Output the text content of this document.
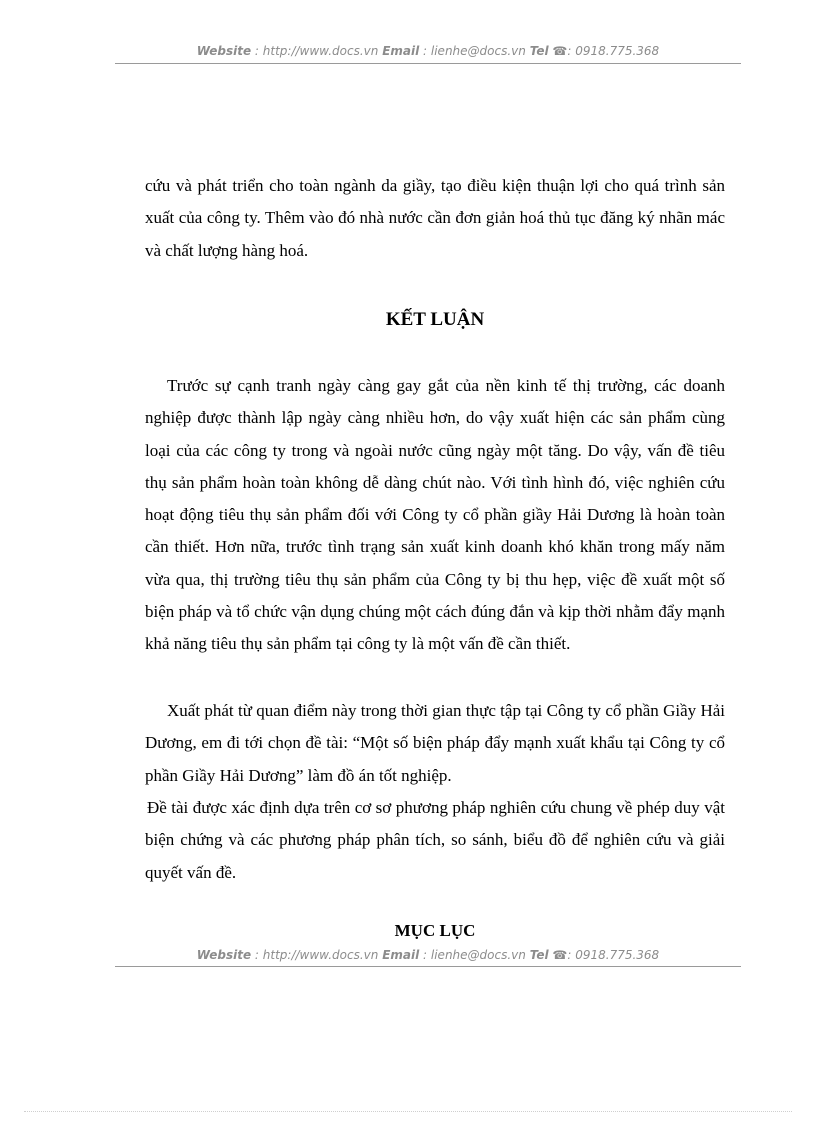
Website : http://www.docs.vn Email : lienhe@docs.vn Tel ☎: 0918.775.368

cứu và phát triển cho toàn ngành da giầy, tạo điều kiện thuận lợi cho quá trình sản xuất của công ty. Thêm vào đó nhà nước cần đơn giản hoá thủ tục đăng ký nhãn mác và chất lượng hàng hoá.

KẾT LUẬN

Trước sự cạnh tranh ngày càng gay gắt của nền kinh tế thị trường, các doanh nghiệp được thành lập ngày càng nhiều hơn, do vậy xuất hiện các sản phẩm cùng loại của các công ty trong và ngoài nước cũng ngày một tăng. Do vậy, vấn đề tiêu thụ sản phẩm hoàn toàn không dễ dàng chút nào. Với tình hình đó, việc nghiên cứu hoạt động tiêu thụ sản phẩm đối với Công ty cổ phần giầy Hải Dương là hoàn toàn cần thiết. Hơn nữa, trước tình trạng sản xuất kinh doanh khó khăn trong mấy năm vừa qua, thị trường tiêu thụ sản phẩm của Công ty bị thu hẹp, việc đề xuất một số biện pháp và tổ chức vận dụng chúng một cách đúng đắn và kịp thời nhằm đẩy mạnh khả năng tiêu thụ sản phẩm tại công ty là một vấn đề cần thiết.

Xuất phát từ quan điểm này trong thời gian thực tập tại Công ty cổ phần Giầy Hải Dương, em đi tới chọn đề tài: “Một số biện pháp đẩy mạnh xuất khẩu tại Công ty cổ phần Giầy Hải Dương” làm đồ án tốt nghiệp.

Đề tài được xác định dựa trên cơ sơ phương pháp nghiên cứu chung về phép duy vật biện chứng và các phương pháp phân tích, so sánh, biểu đồ để nghiên cứu và giải quyết vấn đề.

MỤC LỤC

Website : http://www.docs.vn Email : lienhe@docs.vn Tel ☎: 0918.775.368
